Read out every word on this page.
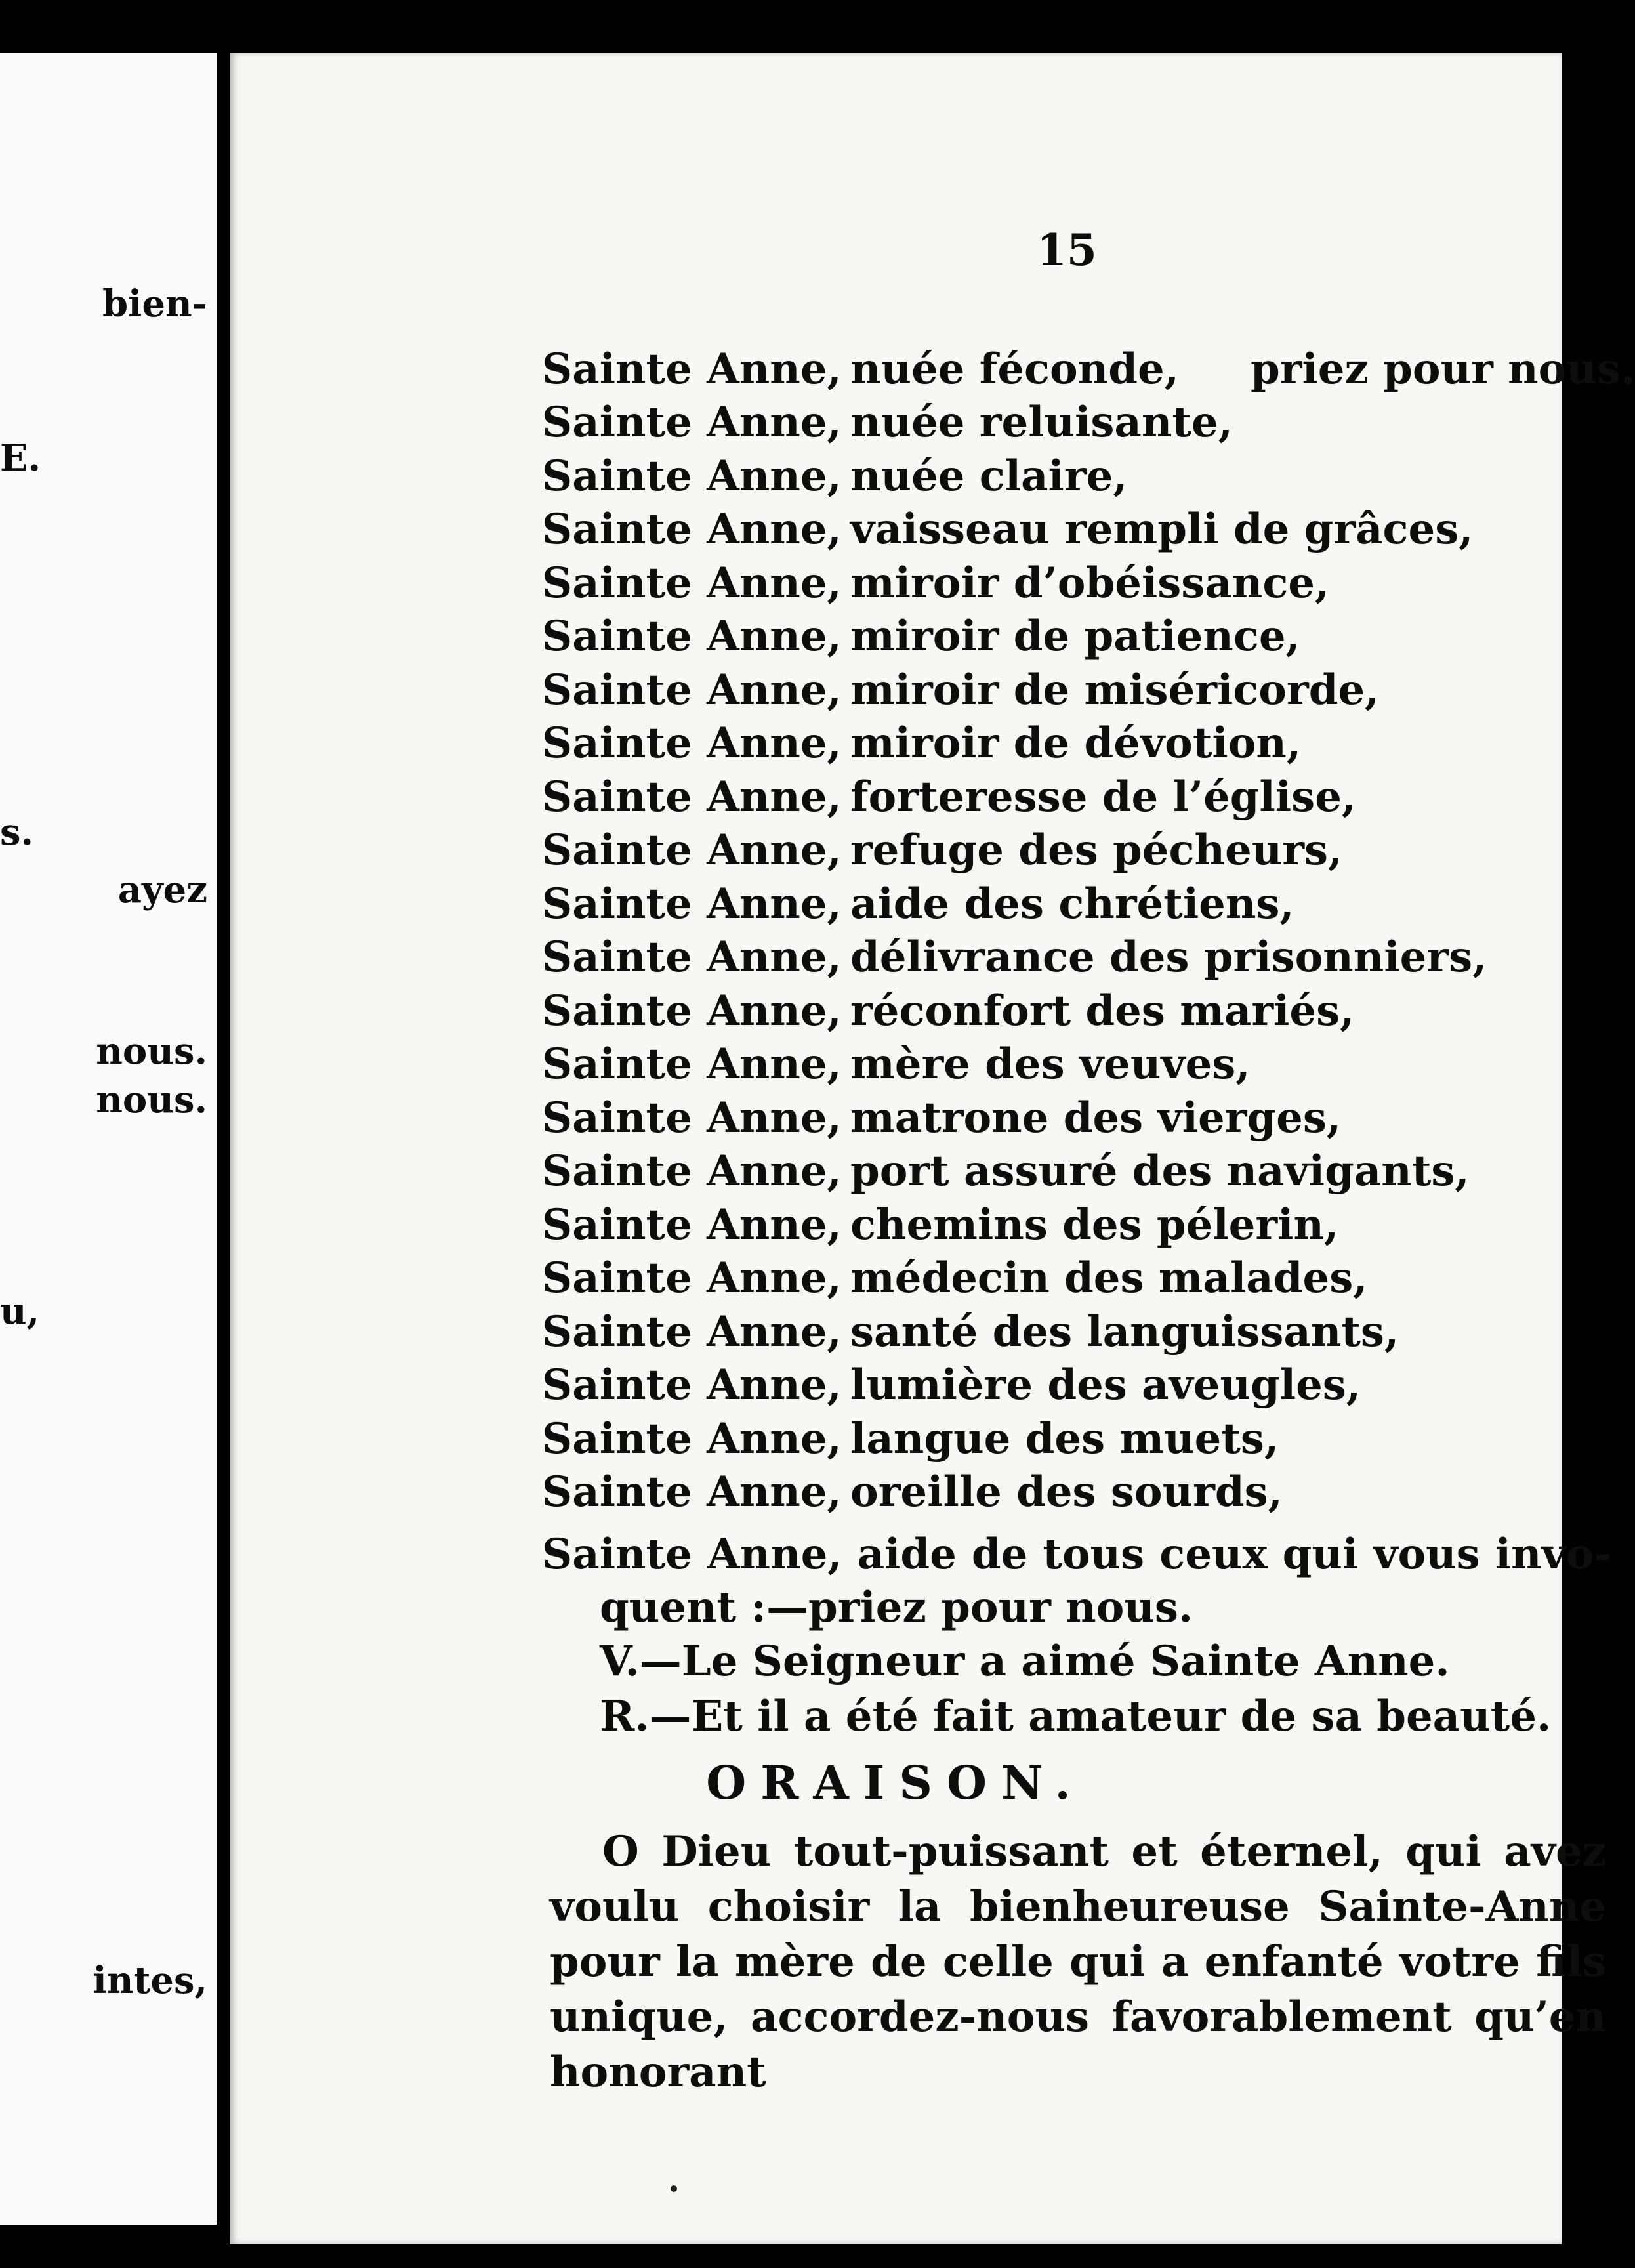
bien-
E.
s.
ayez
nous.
nous.
u,
intes,
15
Sainte Anne, nuée féconde,	priez pour nous.
Sainte Anne, nuée reluisante,
Sainte Anne, nuée claire,
Sainte Anne, vaisseau rempli de grâces,
Sainte Anne, miroir d’obéissance,
Sainte Anne, miroir de patience,
Sainte Anne, miroir de miséricorde,
Sainte Anne, miroir de dévotion,
Sainte Anne, forteresse de l’église,
Sainte Anne, refuge des pécheurs,
Sainte Anne, aide des chrétiens,
Sainte Anne, délivrance des prisonniers,
Sainte Anne, réconfort des mariés,
Sainte Anne, mère des veuves,
Sainte Anne, matrone des vierges,
Sainte Anne, port assuré des navigants,
Sainte Anne, chemins des pélerin,
Sainte Anne, médecin des malades,
Sainte Anne, santé des languissants,
Sainte Anne, lumière des aveugles,
Sainte Anne, langue des muets,
Sainte Anne, oreille des sourds,
Sainte Anne, aide de tous ceux qui vous invo-
quent :—priez pour nous.
V.—Le Seigneur a aimé Sainte Anne.
R.—Et il a été fait amateur de sa beauté.
ORAISON.
O Dieu tout-puissant et éternel, qui avez voulu choisir la bienheureuse Sainte-Anne pour la mère de celle qui a enfanté votre fils unique, accordez-nous favorablement qu’en honorant
